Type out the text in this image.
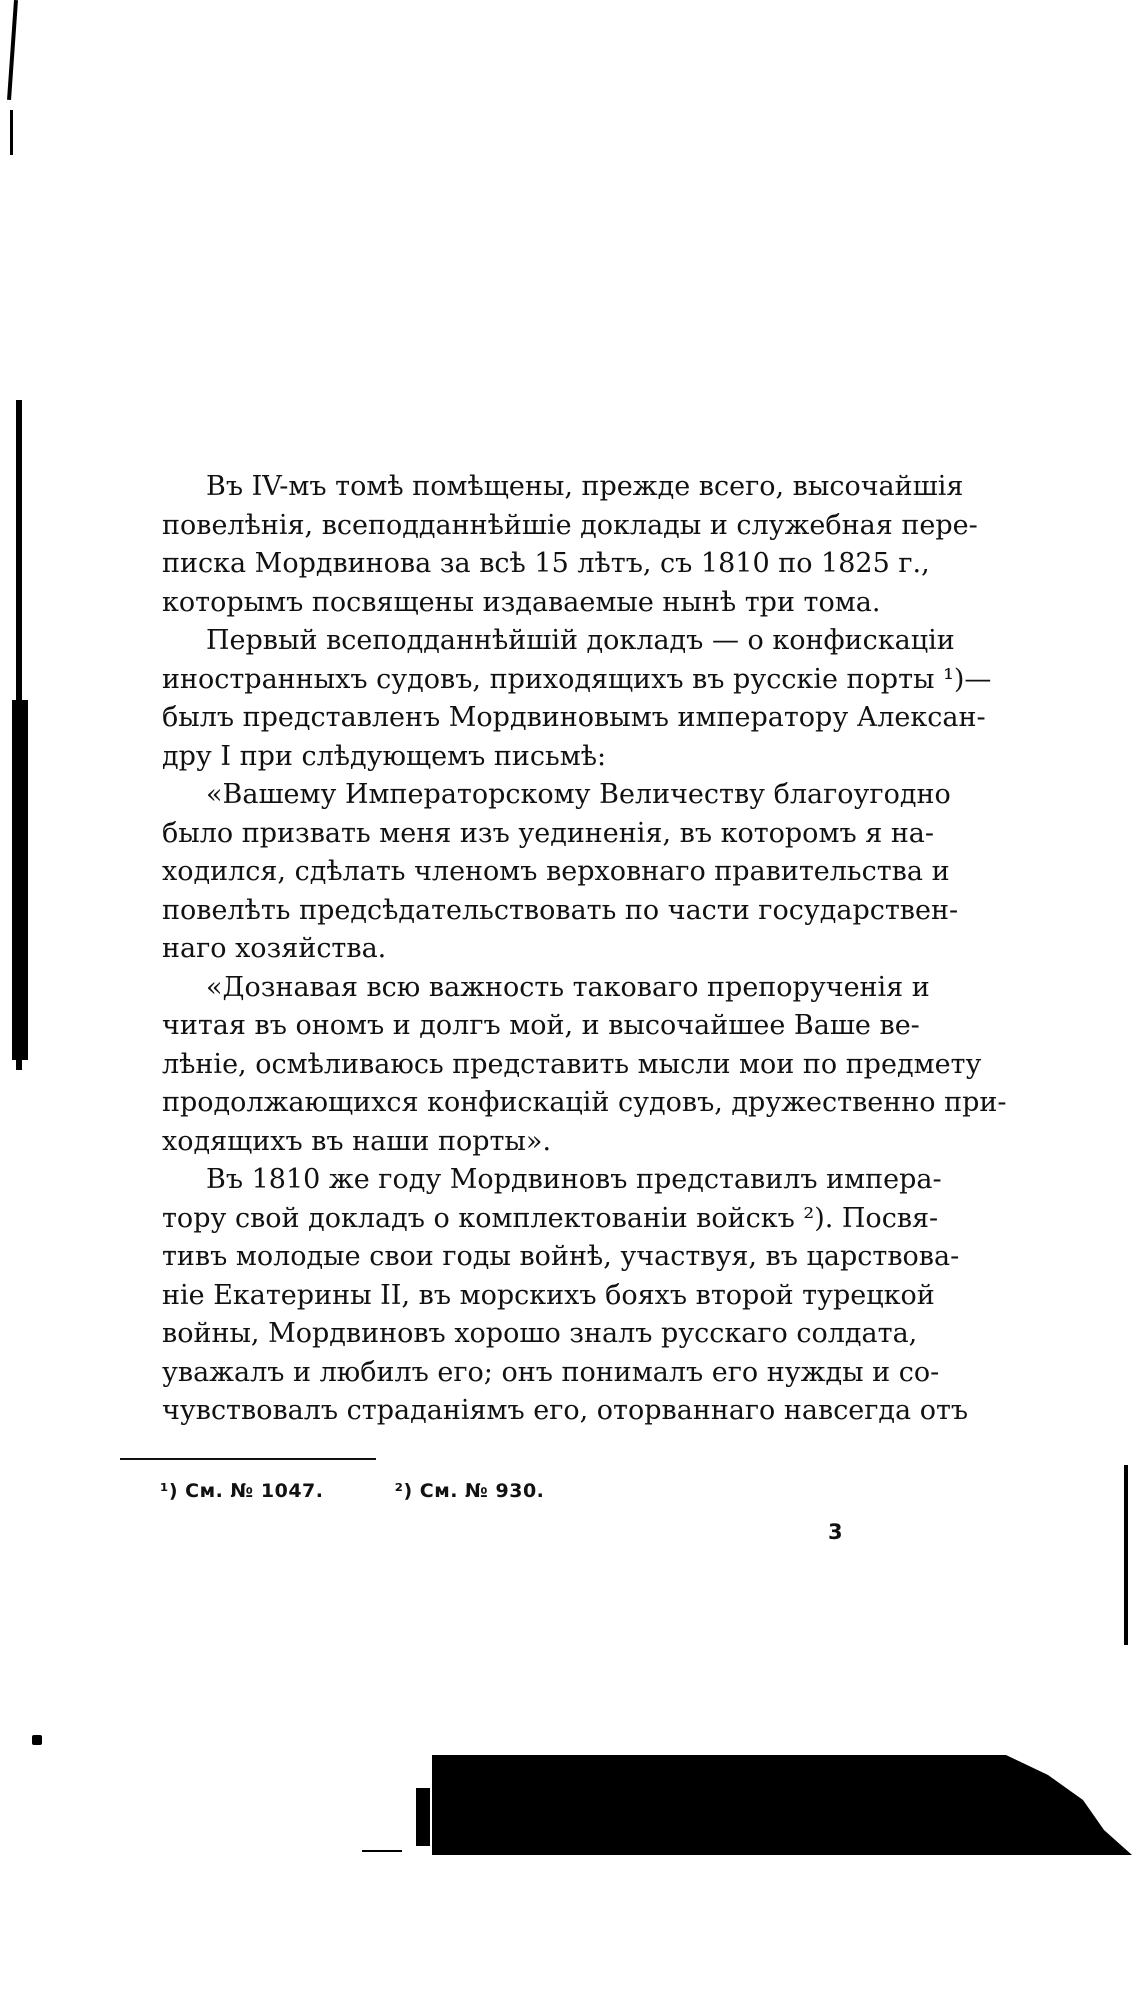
Въ IV-мъ томѣ помѣщены, прежде всего, высочайшія
повелѣнія, всеподданнѣйшіе доклады и служебная пере-
писка Мордвинова за всѣ 15 лѣтъ, съ 1810 по 1825 г.,
которымъ посвящены издаваемые нынѣ три тома.

Первый всеподданнѣйшій докладъ — о конфискаціи
иностранныхъ судовъ, приходящихъ въ русскіе порты ¹)—
былъ представленъ Мордвиновымъ императору Алексан-
дру I при слѣдующемъ письмѣ:

«Вашему Императорскому Величеству благоугодно
было призвать меня изъ уединенія, въ которомъ я на-
ходился, сдѣлать членомъ верховнаго правительства и
повелѣть предсѣдательствовать по части государствен-
наго хозяйства.

«Дознавая всю важность таковаго препорученія и
читая въ ономъ и долгъ мой, и высочайшее Ваше ве-
лѣніе, осмѣливаюсь представить мысли мои по предмету
продолжающихся конфискацій судовъ, дружественно при-
ходящихъ въ наши порты».

Въ 1810 же году Мордвиновъ представилъ импера-
тору свой докладъ о комплектованіи войскъ ²). Посвя-
тивъ молодые свои годы войнѣ, участвуя, въ царствова-
ніе Екатерины II, въ морскихъ бояхъ второй турецкой
войны, Мордвиновъ хорошо зналъ русскаго солдата,
уважалъ и любилъ его; онъ понималъ его нужды и со-
чувствовалъ страданіямъ его, оторваннаго навсегда отъ

¹) См. № 1047.	²) См. № 930.
3
